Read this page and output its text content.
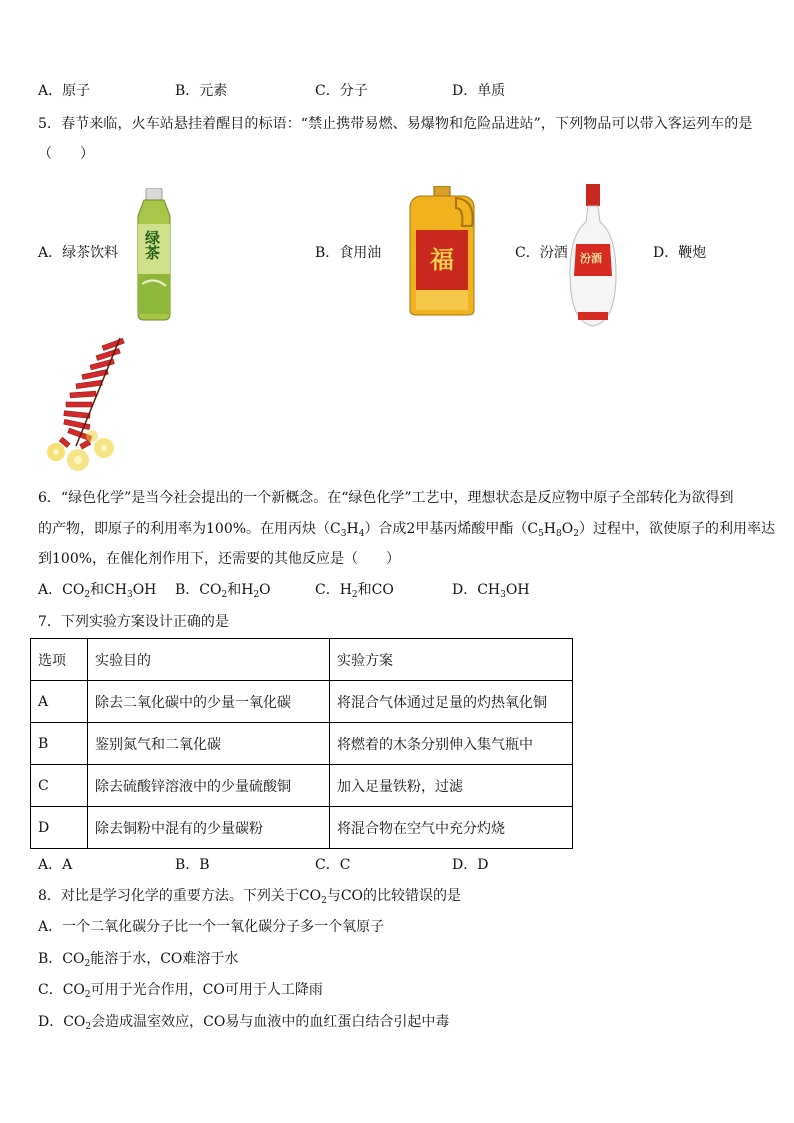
A．原子	B．元素	C．分子	D．单质
5．春节来临，火车站悬挂着醒目的标语：“禁止携带易燃、易爆物和危险品进站”，下列物品可以带入客运列车的是
（　　）
A．绿茶饮料	B．食用油	C．汾酒	D．鞭炮
绿茶	福	汾酒
6．“绿色化学”是当今社会提出的一个新概念。在“绿色化学”工艺中，理想状态是反应物中原子全部转化为欲得到
的产物，即原子的利用率为100%。在用丙炔$(C_3H_4)$合成2甲基丙烯酸甲酯$(C_5H_8O_2)$过程中，欲使原子的利用率达
到100%，在催化剂作用下，还需要的其他反应是（　　）
A．$CO_2$和$CH_3OH$ B．$CO_2$和$H_2O$	C．$H_2$和CO	D．$CH_3OH$
7．下列实验方案设计正确的是
选项	实验目的	实验方案
A	除去二氧化碳中的少量一氧化碳	将混合气体通过足量的灼热氧化铜
B	鉴别氮气和二氧化碳	将燃着的木条分别伸入集气瓶中
C	除去硫酸锌溶液中的少量硫酸铜	加入足量铁粉，过滤
D	除去铜粉中混有的少量碳粉	将混合物在空气中充分灼烧
A．A	B．B	C．C	D．D
8．对比是学习化学的重要方法。下列关于$CO_2$与CO的比较错误的是
A．一个二氧化碳分子比一个一氧化碳分子多一个氧原子
B．$CO_2$能溶于水，CO难溶于水
C．$CO_2$可用于光合作用，CO可用于人工降雨
D．$CO_2$会造成温室效应，CO易与血液中的血红蛋白结合引起中毒
